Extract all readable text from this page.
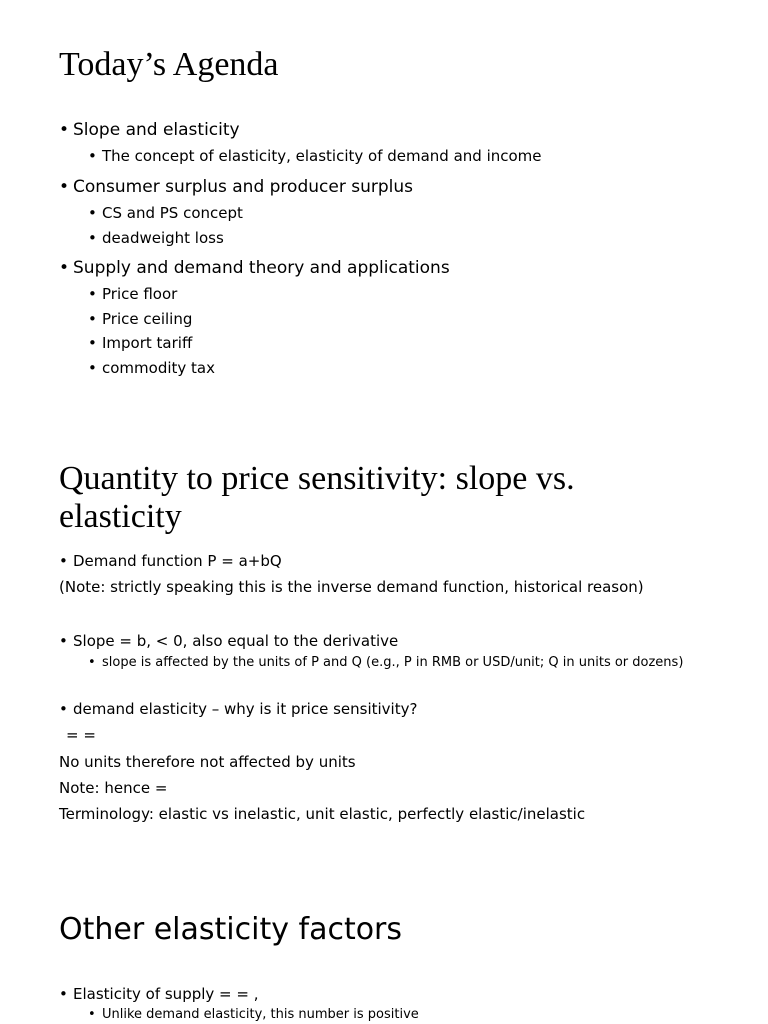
Today’s Agenda
• Slope and elasticity
• The concept of elasticity, elasticity of demand and income
• Consumer surplus and producer surplus
• CS and PS concept
• deadweight loss
• Supply and demand theory and applications
• Price floor
• Price ceiling
• Import tariff
• commodity tax
Quantity to price sensitivity: slope vs.
elasticity
• Demand function P = a+bQ
(Note: strictly speaking this is the inverse demand function, historical reason)
• Slope = b, < 0, also equal to the derivative
• slope is affected by the units of P and Q (e.g., P in RMB or USD/unit; Q in units or dozens)
• demand elasticity – why is it price sensitivity?
= =
No units therefore not affected by units
Note: hence =
Terminology: elastic vs inelastic, unit elastic, perfectly elastic/inelastic
Other elasticity factors
• Elasticity of supply = = ,
• Unlike demand elasticity, this number is positive
